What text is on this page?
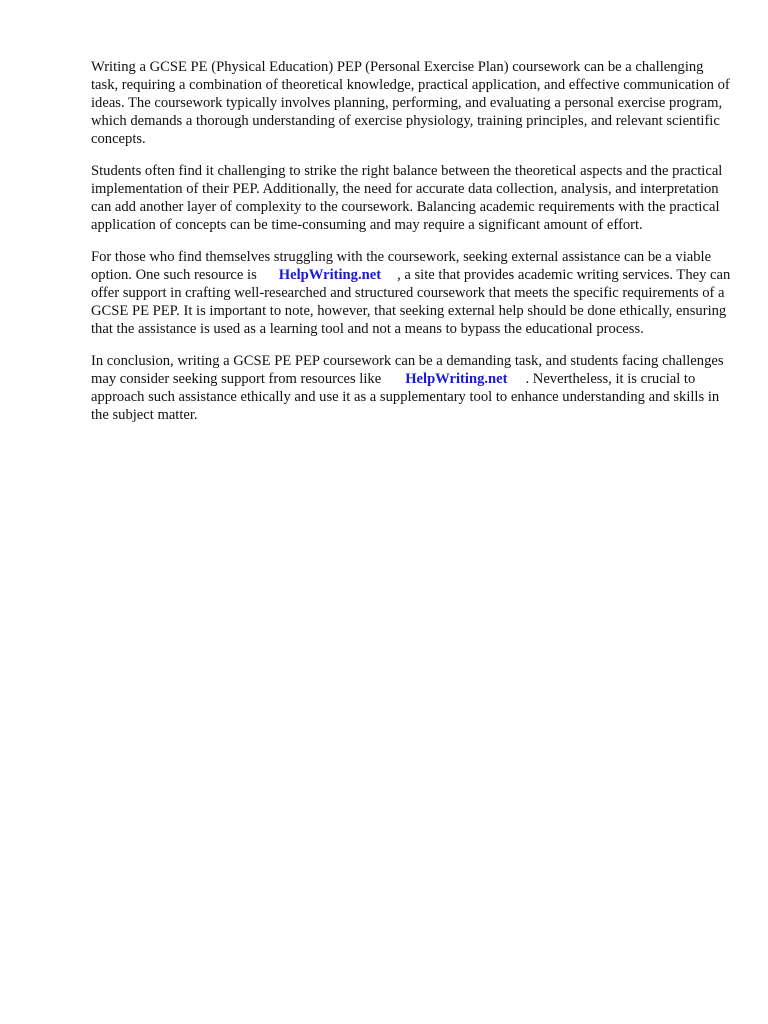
Writing a GCSE PE (Physical Education) PEP (Personal Exercise Plan) coursework can be a challenging task, requiring a combination of theoretical knowledge, practical application, and effective communication of ideas. The coursework typically involves planning, performing, and evaluating a personal exercise program, which demands a thorough understanding of exercise physiology, training principles, and relevant scientific concepts.

Students often find it challenging to strike the right balance between the theoretical aspects and the practical implementation of their PEP. Additionally, the need for accurate data collection, analysis, and interpretation can add another layer of complexity to the coursework. Balancing academic requirements with the practical application of concepts can be time-consuming and may require a significant amount of effort.

For those who find themselves struggling with the coursework, seeking external assistance can be a viable option. One such resource is HelpWriting.net , a site that provides academic writing services. They can offer support in crafting well-researched and structured coursework that meets the specific requirements of a GCSE PE PEP. It is important to note, however, that seeking external help should be done ethically, ensuring that the assistance is used as a learning tool and not a means to bypass the educational process.

In conclusion, writing a GCSE PE PEP coursework can be a demanding task, and students facing challenges may consider seeking support from resources like HelpWriting.net . Nevertheless, it is crucial to approach such assistance ethically and use it as a supplementary tool to enhance understanding and skills in the subject matter.
